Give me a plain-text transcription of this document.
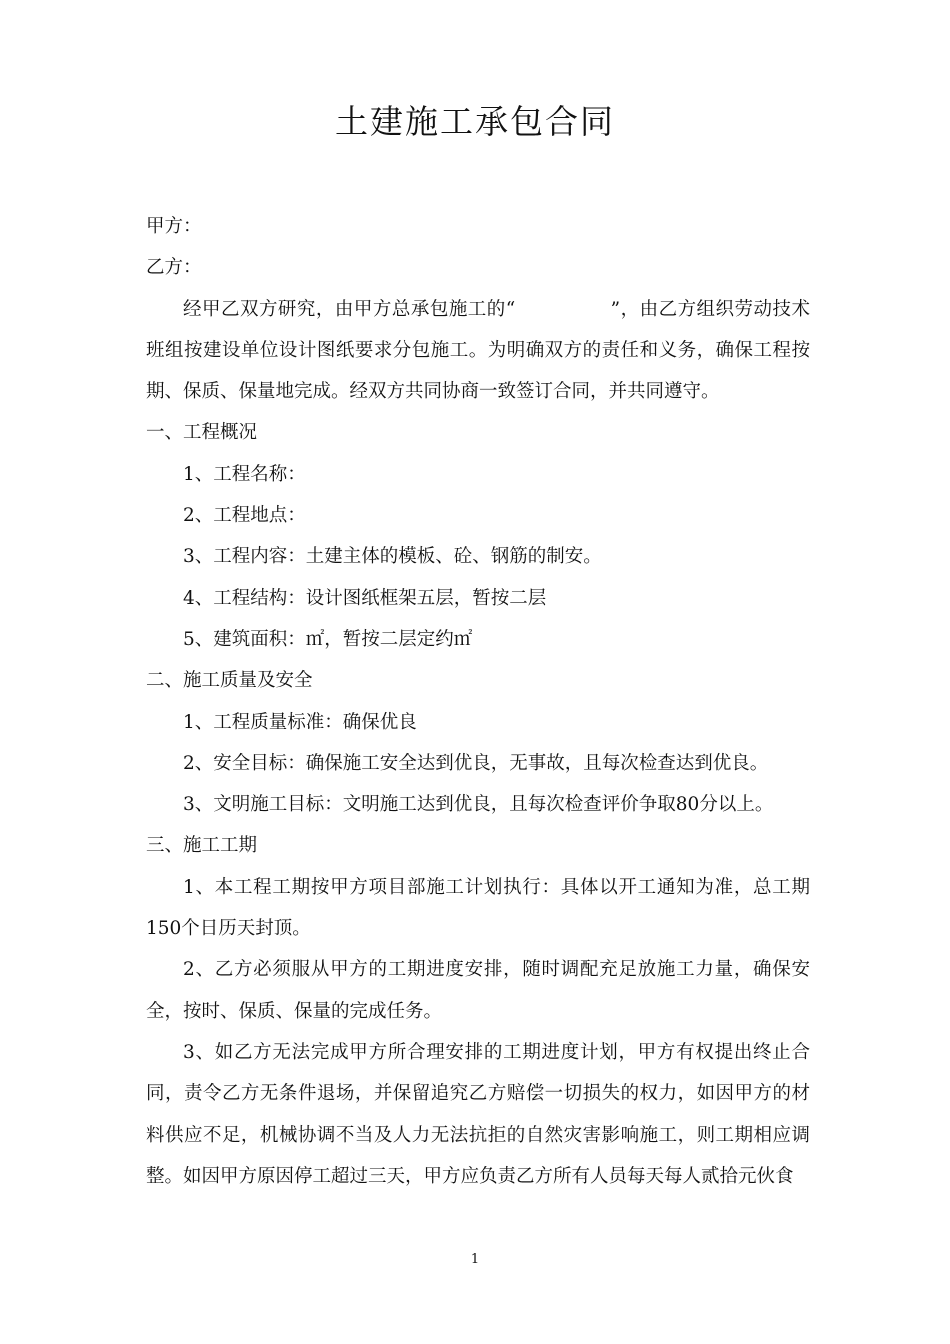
土建施工承包合同

甲方：

乙方：

经甲乙双方研究，由甲方总承包施工的“　　　　　”，由乙方组织劳动技术班组按建设单位设计图纸要求分包施工。为明确双方的责任和义务，确保工程按期、保质、保量地完成。经双方共同协商一致签订合同，并共同遵守。

一、工程概况

1、工程名称：

2、工程地点：

3、工程内容：土建主体的模板、砼、钢筋的制安。

4、工程结构：设计图纸框架五层，暂按二层

5、建筑面积：㎡，暂按二层定约㎡

二、施工质量及安全

1、工程质量标准：确保优良

2、安全目标：确保施工安全达到优良，无事故，且每次检查达到优良。

3、文明施工目标：文明施工达到优良，且每次检查评价争取80分以上。

三、施工工期

1、本工程工期按甲方项目部施工计划执行：具体以开工通知为准，总工期150个日历天封顶。

2、乙方必须服从甲方的工期进度安排，随时调配充足放施工力量，确保安全，按时、保质、保量的完成任务。

3、如乙方无法完成甲方所合理安排的工期进度计划，甲方有权提出终止合同，责令乙方无条件退场，并保留追究乙方赔偿一切损失的权力，如因甲方的材料供应不足，机械协调不当及人力无法抗拒的自然灾害影响施工，则工期相应调整。如因甲方原因停工超过三天，甲方应负责乙方所有人员每天每人贰拾元伙食

1
